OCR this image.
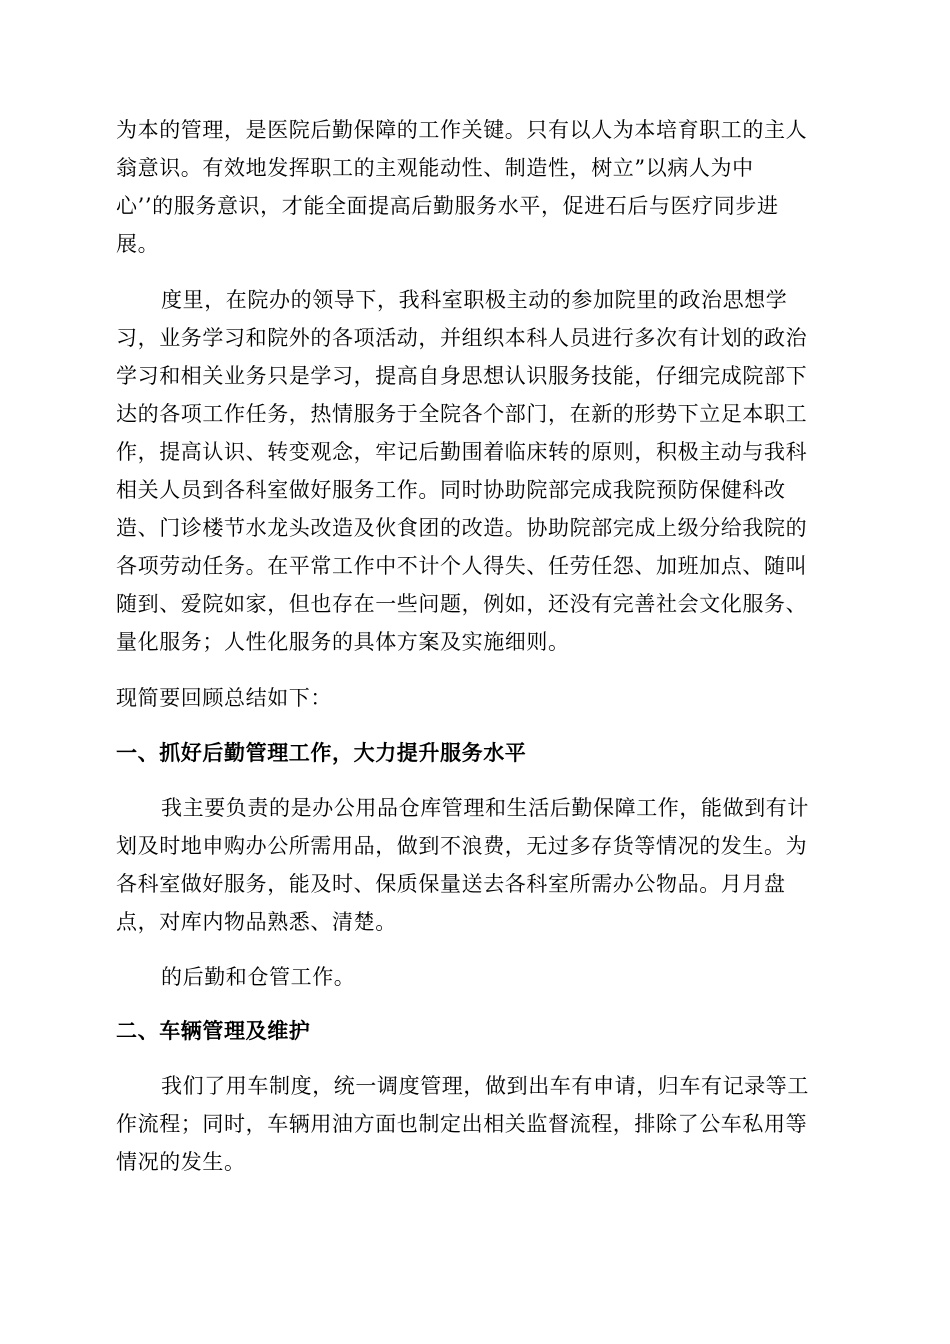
为本的管理，是医院后勤保障的工作关键。只有以人为本培育职工的主人
翁意识。有效地发挥职工的主观能动性、制造性，树立”以病人为中
心’’的服务意识，才能全面提高后勤服务水平，促进石后与医疗同步进
展。
度里，在院办的领导下，我科室职极主动的参加院里的政治思想学
习，业务学习和院外的各项活动，并组织本科人员进行多次有计划的政治
学习和相关业务只是学习，提高自身思想认识服务技能，仔细完成院部下
达的各项工作任务，热情服务于全院各个部门，在新的形势下立足本职工
作，提高认识、转变观念，牢记后勤围着临床转的原则，积极主动与我科
相关人员到各科室做好服务工作。同时协助院部完成我院预防保健科改
造、门诊楼节水龙头改造及伙食团的改造。协助院部完成上级分给我院的
各项劳动任务。在平常工作中不计个人得失、任劳任怨、加班加点、随叫
随到、爱院如家，但也存在一些问题，例如，还没有完善社会文化服务、
量化服务；人性化服务的具体方案及实施细则。
现简要回顾总结如下：
一、抓好后勤管理工作，大力提升服务水平
我主要负责的是办公用品仓库管理和生活后勤保障工作，能做到有计
划及时地申购办公所需用品，做到不浪费，无过多存货等情况的发生。为
各科室做好服务，能及时、保质保量送去各科室所需办公物品。月月盘
点，对库内物品熟悉、清楚。
的后勤和仓管工作。
二、车辆管理及维护
我们了用车制度，统一调度管理，做到出车有申请，归车有记录等工
作流程；同时，车辆用油方面也制定出相关监督流程，排除了公车私用等
情况的发生。
